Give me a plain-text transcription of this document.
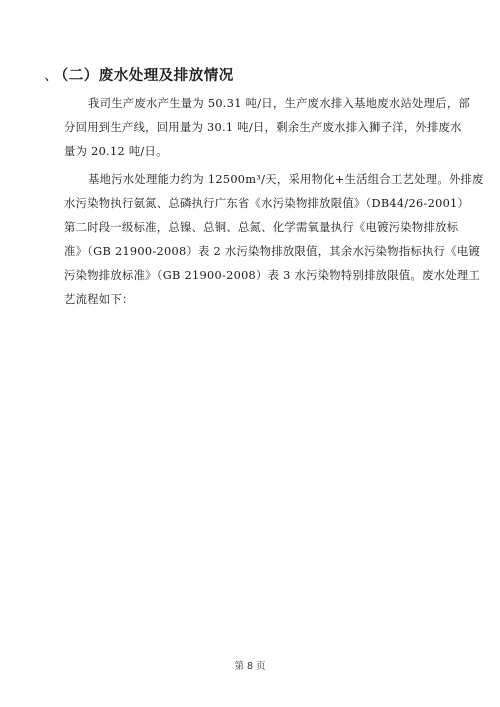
、 （二）废水处理及排放情况
我司生产废水产生量为 50.31 吨/日，生产废水排入基地废水站处理后，部
分回用到生产线，回用量为 30.1 吨/日，剩余生产废水排入狮子洋，外排废水
量为 20.12 吨/日。
基地污水处理能力约为 12500m³/天，采用物化+生活组合工艺处理。外排废
水污染物执行氨氮、总磷执行广东省《水污染物排放限值》（DB44/26-2001）
第二时段一级标准，总镍、总铜、总氮、化学需氧量执行《电镀污染物排放标
准》（GB 21900-2008）表 2 水污染物排放限值，其余水污染物指标执行《电镀
污染物排放标准》（GB 21900-2008）表 3 水污染物特别排放限值。废水处理工
艺流程如下：
第 8 页
